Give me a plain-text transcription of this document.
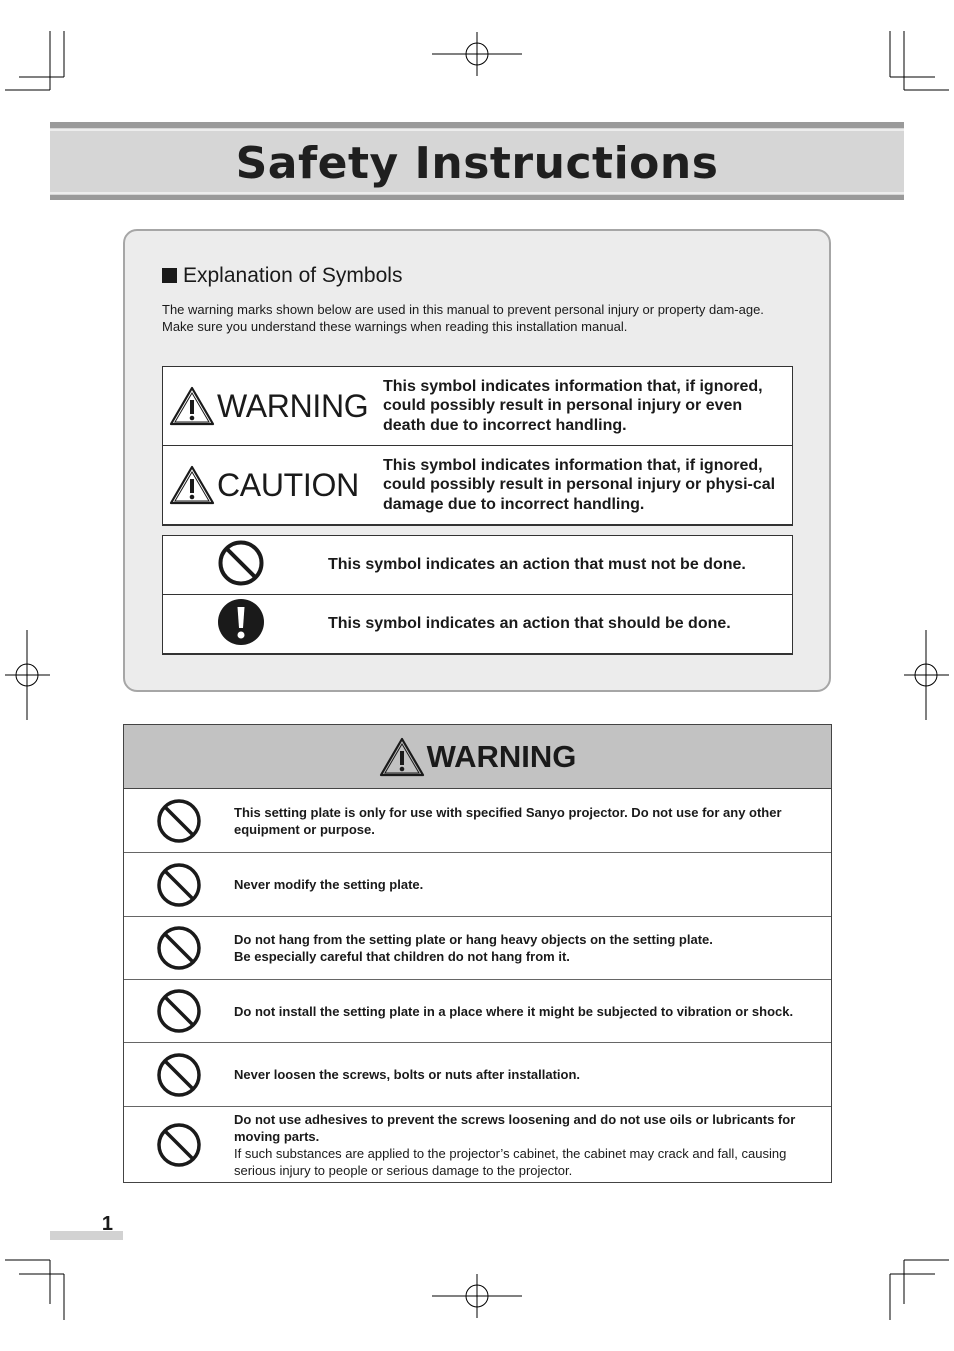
Safety Instructions
Explanation of Symbols
The warning marks shown below are used in this manual to prevent personal injury or property dam-age. Make sure you understand these warnings when reading this installation manual.
WARNING	This symbol indicates information that, if ignored, could possibly result in personal injury or even death due to incorrect handling.

CAUTION	This symbol indicates information that, if ignored, could possibly result in personal injury or physi-cal damage due to incorrect handling.
	This symbol indicates an action that must not be done.
	This symbol indicates an action that should be done.
WARNING
This setting plate is only for use with specified Sanyo projector. Do not use for any other equipment or purpose.
Never modify the setting plate.
Do not hang from the setting plate or hang heavy objects on the setting plate.
Be especially careful that children do not hang from it.
Do not install the setting plate in a place where it might be subjected to vibration or shock.
Never loosen the screws, bolts or nuts after installation.
Do not use adhesives to prevent the screws loosening and do not use oils or lubricants for moving parts.
If such substances are applied to the projector’s cabinet, the cabinet may crack and fall, causing serious injury to people or serious damage to the projector.
1
